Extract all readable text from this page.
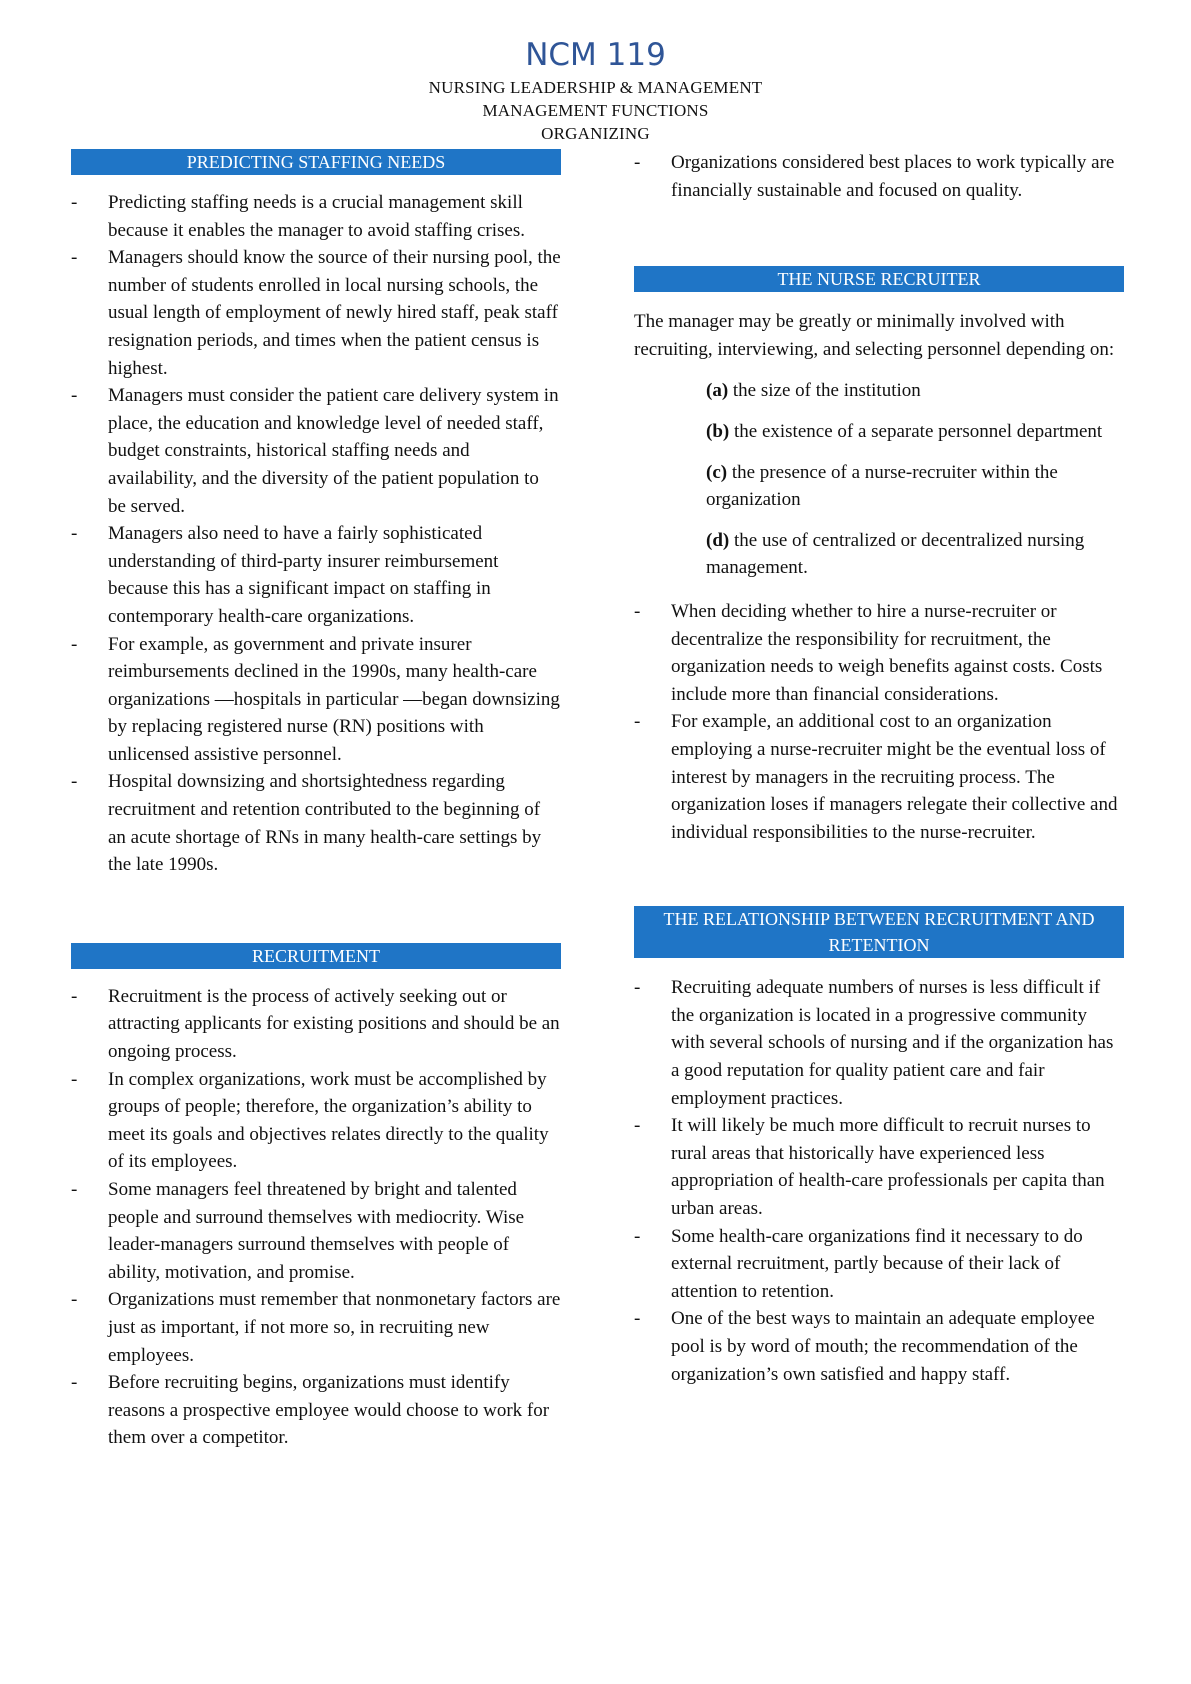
NCM 119
NURSING LEADERSHIP & MANAGEMENT
MANAGEMENT FUNCTIONS
ORGANIZING
PREDICTING STAFFING NEEDS
-	Predicting staffing needs is a crucial management skill because it enables the manager to avoid staffing crises.
-	Managers should know the source of their nursing pool, the number of students enrolled in local nursing schools, the usual length of employment of newly hired staff, peak staff resignation periods, and times when the patient census is highest.
-	Managers must consider the patient care delivery system in place, the education and knowledge level of needed staff, budget constraints, historical staffing needs and availability, and the diversity of the patient population to be served.
-	Managers also need to have a fairly sophisticated understanding of third-party insurer reimbursement because this has a significant impact on staffing in contemporary health-care organizations.
-	For example, as government and private insurer reimbursements declined in the 1990s, many health-care organizations —hospitals in particular —began downsizing by replacing registered nurse (RN) positions with unlicensed assistive personnel.
-	Hospital downsizing and shortsightedness regarding recruitment and retention contributed to the beginning of an acute shortage of RNs in many health-care settings by the late 1990s.
RECRUITMENT
-	Recruitment is the process of actively seeking out or attracting applicants for existing positions and should be an ongoing process.
-	In complex organizations, work must be accomplished by groups of people; therefore, the organization’s ability to meet its goals and objectives relates directly to the quality of its employees.
-	Some managers feel threatened by bright and talented people and surround themselves with mediocrity. Wise leader-managers surround themselves with people of ability, motivation, and promise.
-	Organizations must remember that nonmonetary factors are just as important, if not more so, in recruiting new employees.
-	Before recruiting begins, organizations must identify reasons a prospective employee would choose to work for them over a competitor.
-	Organizations considered best places to work typically are financially sustainable and focused on quality.
THE NURSE RECRUITER

The manager may be greatly or minimally involved with recruiting, interviewing, and selecting personnel depending on:

(a) the size of the institution

(b) the existence of a separate personnel department

(c) the presence of a nurse-recruiter within the organization

(d) the use of centralized or decentralized nursing management.

-	When deciding whether to hire a nurse-recruiter or decentralize the responsibility for recruitment, the organization needs to weigh benefits against costs. Costs include more than financial considerations.
-	For example, an additional cost to an organization employing a nurse-recruiter might be the eventual loss of interest by managers in the recruiting process. The organization loses if managers relegate their collective and individual responsibilities to the nurse-recruiter.
THE RELATIONSHIP BETWEEN RECRUITMENT AND RETENTION
-	Recruiting adequate numbers of nurses is less difficult if the organization is located in a progressive community with several schools of nursing and if the organization has a good reputation for quality patient care and fair employment practices.
-	It will likely be much more difficult to recruit nurses to rural areas that historically have experienced less appropriation of health-care professionals per capita than urban areas.
-	Some health-care organizations find it necessary to do external recruitment, partly because of their lack of attention to retention.
-	One of the best ways to maintain an adequate employee pool is by word of mouth; the recommendation of the organization’s own satisfied and happy staff.
